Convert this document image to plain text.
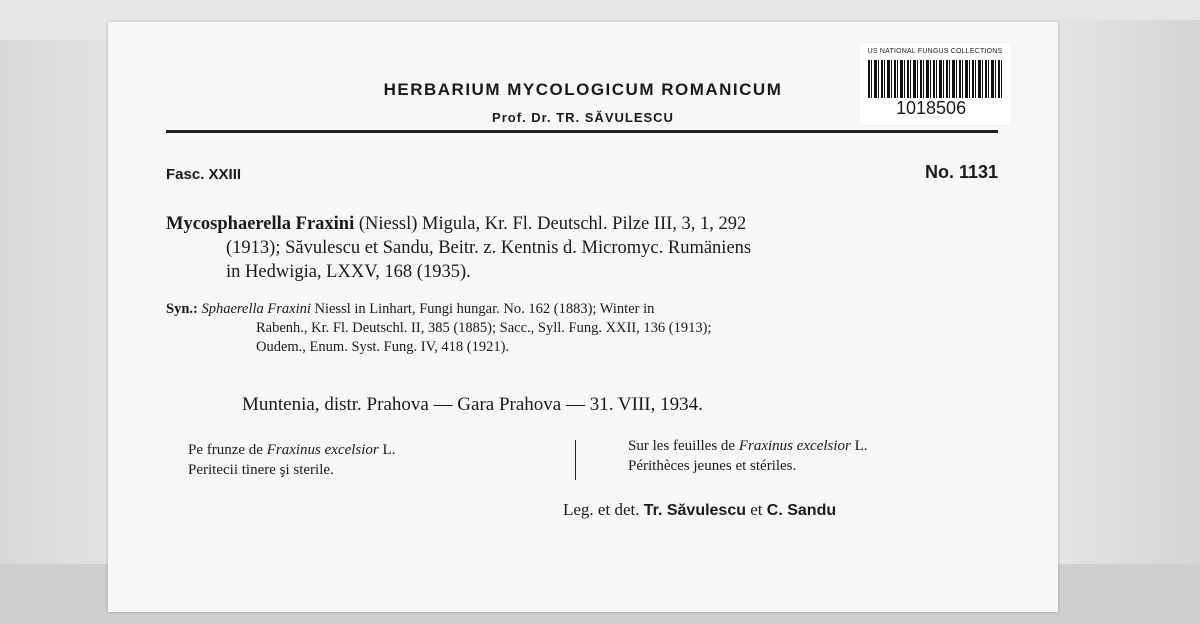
US NATIONAL FUNGUS COLLECTIONS
1018506
HERBARIUM MYCOLOGICUM ROMANICUM
Prof. Dr. TR. SĂVULESCU
Fasc. XXIII	No. 1131
Mycosphaerella Fraxini (Niessl) Migula, Kr. Fl. Deutschl. Pilze III, 3, 1, 292
(1913); Săvulescu et Sandu, Beitr. z. Kentnis d. Micromyc. Rumäniens
in Hedwigia, LXXV, 168 (1935).
Syn.: Sphaerella Fraxini Niessl in Linhart, Fungi hungar. No. 162 (1883); Winter in
Rabenh., Kr. Fl. Deutschl. II, 385 (1885); Sacc., Syll. Fung. XXII, 136 (1913);
Oudem., Enum. Syst. Fung. IV, 418 (1921).
Muntenia, distr. Prahova — Gara Prahova — 31. VIII, 1934.
Pe frunze de Fraxinus excelsior L.
Peritecii tinere şi sterile.
Sur les feuilles de Fraxinus excelsior L.
Périthèces jeunes et stériles.
Leg. et det. Tr. Săvulescu et C. Sandu
